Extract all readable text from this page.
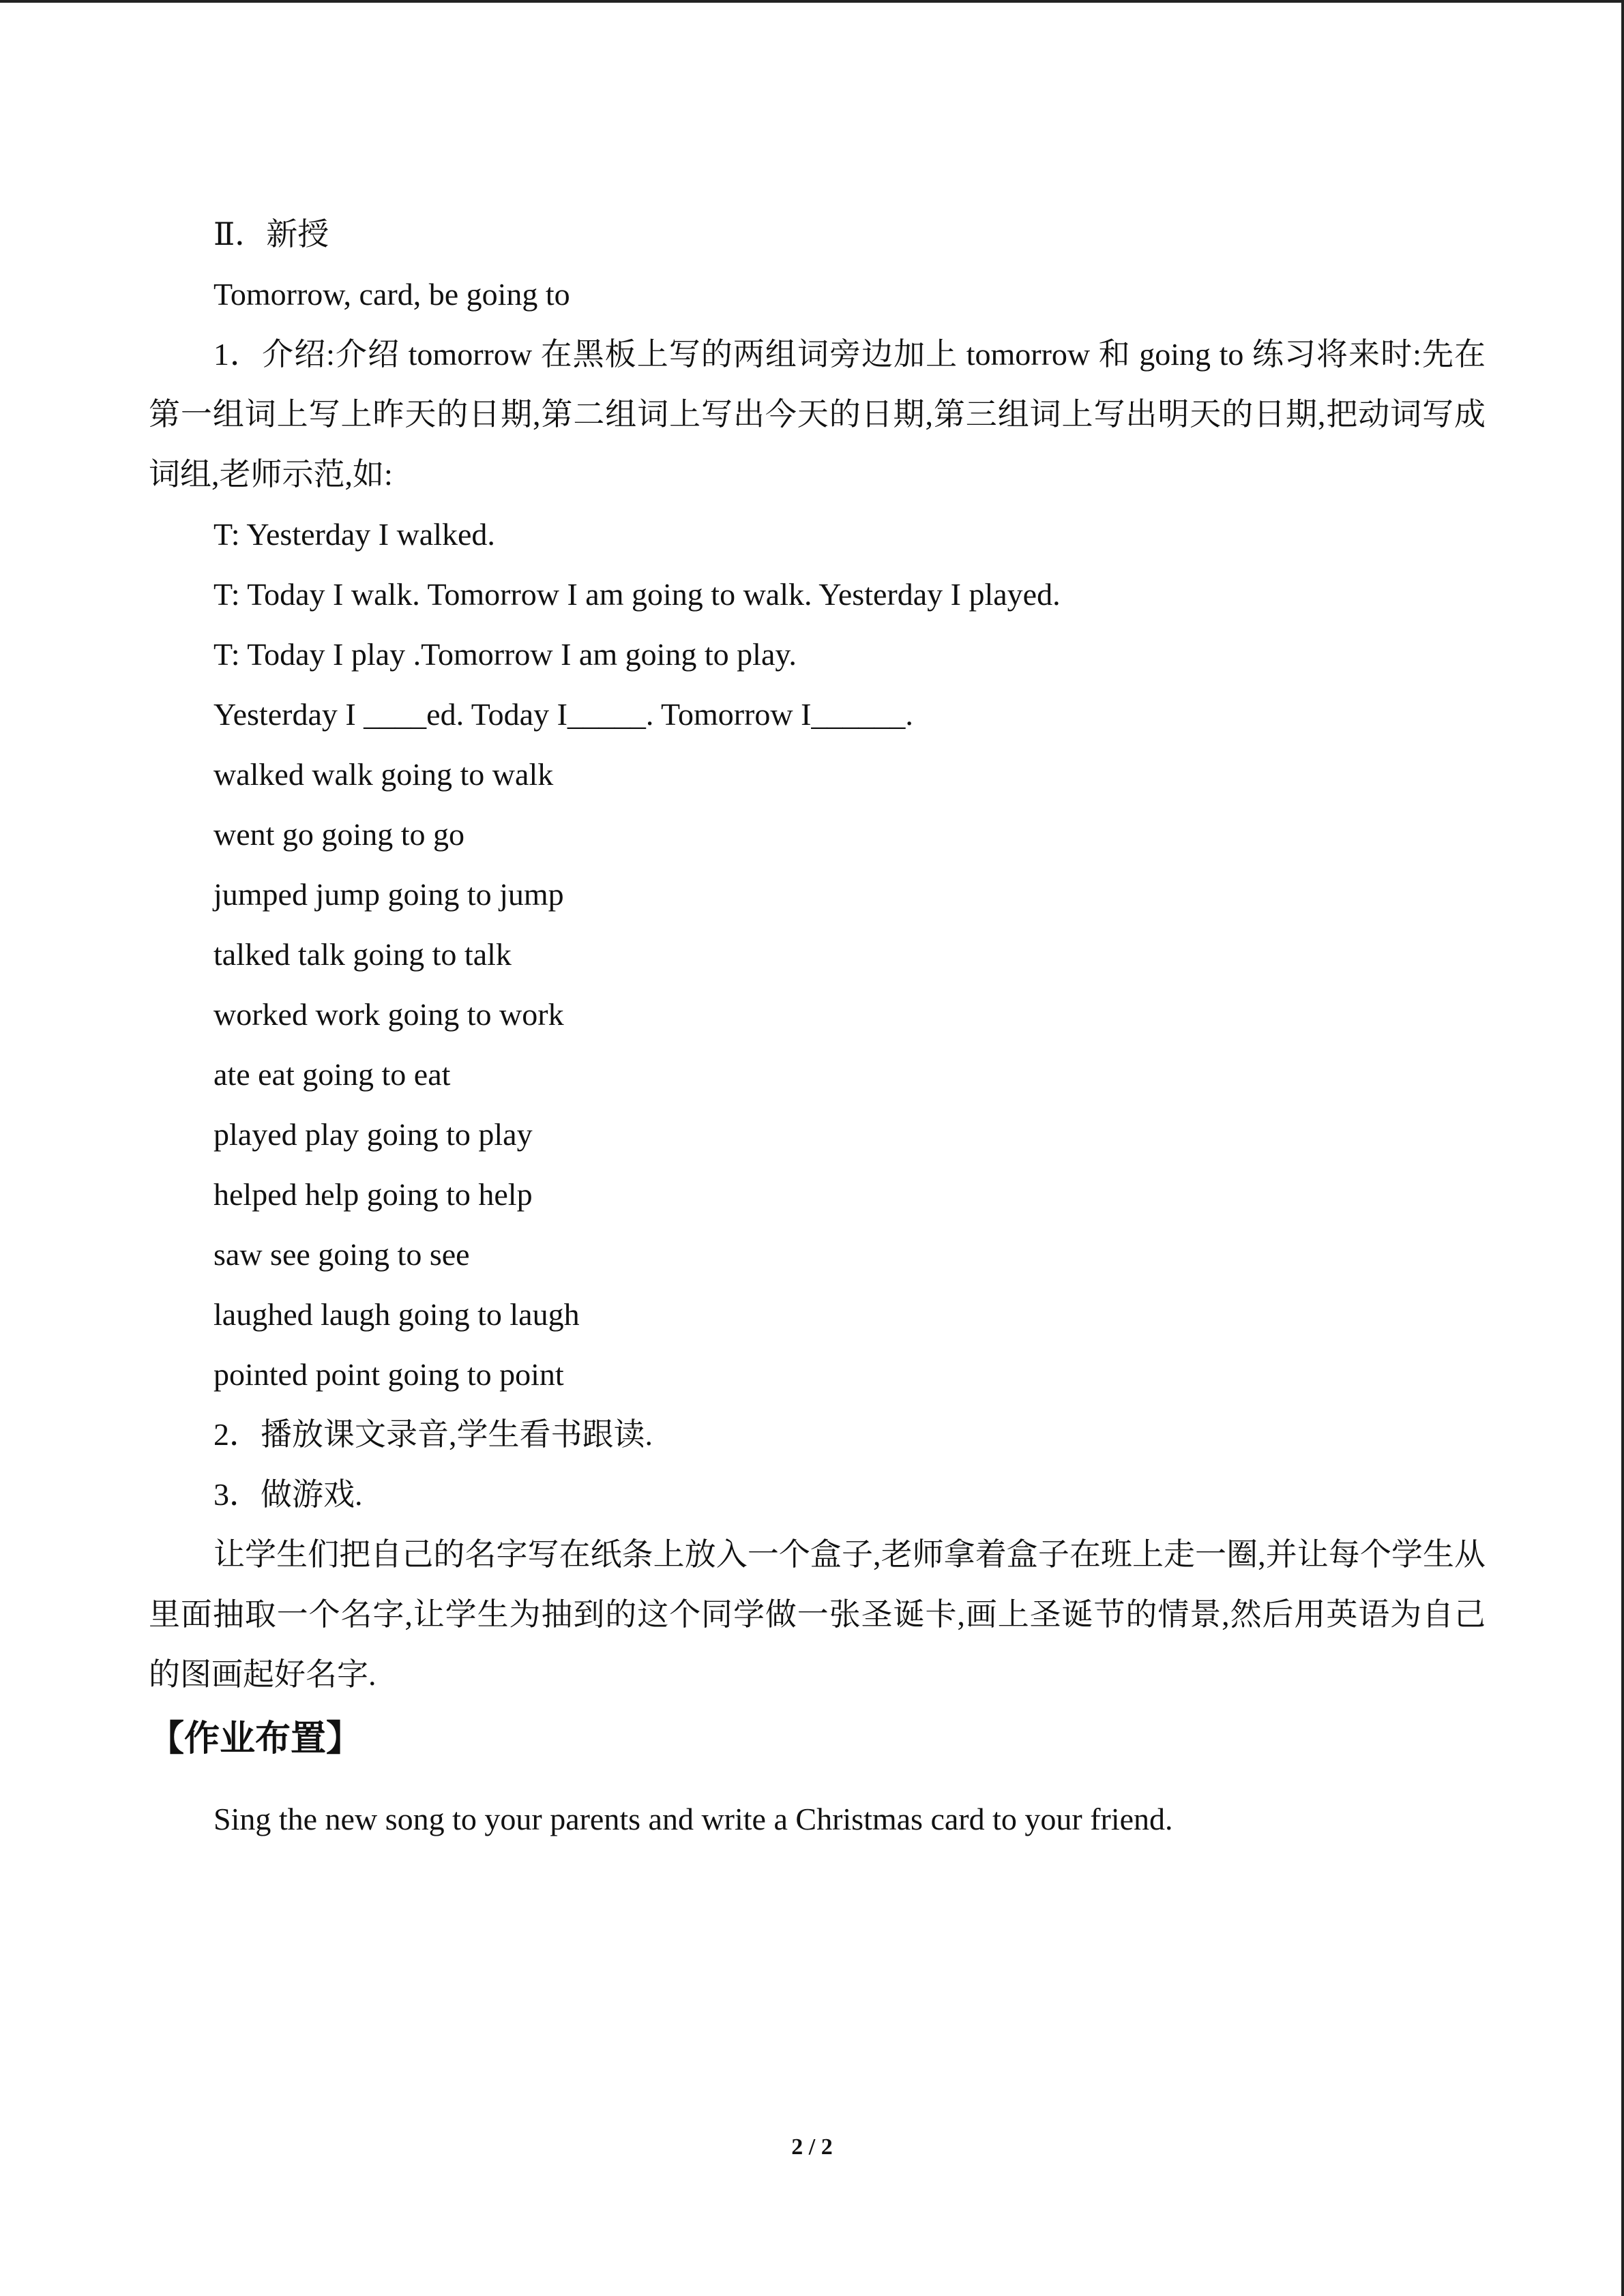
Ⅱ．新授
Tomorrow, card, be going to

1．介绍:介绍 tomorrow 在黑板上写的两组词旁边加上 tomorrow 和 going to 练习将来时:先在第一组词上写上昨天的日期,第二组词上写出今天的日期,第三组词上写出明天的日期,把动词写成词组,老师示范,如:

T: Yesterday I walked.
T: Today I walk. Tomorrow I am going to walk. Yesterday I played.
T: Today I play .Tomorrow I am going to play.
Yesterday I ____ed. Today I_____. Tomorrow I______.
walked walk going to walk
went go going to go
jumped jump going to jump
talked talk going to talk
worked work going to work
ate eat going to eat
played play going to play
helped help going to help
saw see going to see
laughed laugh going to laugh
pointed point going to point
2．播放课文录音,学生看书跟读.
3．做游戏.

让学生们把自己的名字写在纸条上放入一个盒子,老师拿着盒子在班上走一圈,并让每个学生从里面抽取一个名字,让学生为抽到的这个同学做一张圣诞卡,画上圣诞节的情景,然后用英语为自己的图画起好名字.

【作业布置】
Sing the new song to your parents and write a Christmas card to your friend.
2 / 2
